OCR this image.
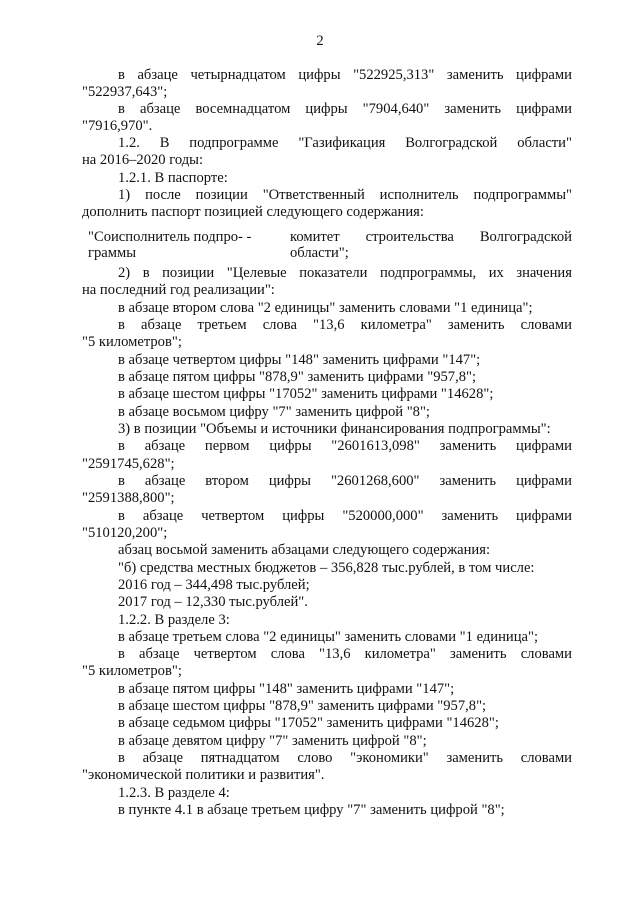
2
в абзаце четырнадцатом цифры "522925,313" заменить цифрами
"522937,643";
в абзаце восемнадцатом цифры "7904,640" заменить цифрами
"7916,970".
1.2. В подпрограмме "Газификация Волгоградской области"
на 2016–2020 годы:
1.2.1. В паспорте:
1) после позиции "Ответственный исполнитель подпрограммы"
дополнить паспорт позицией следующего содержания:
2) в позиции "Целевые показатели подпрограммы, их значения
на последний год реализации":
в абзаце втором слова "2 единицы" заменить словами "1 единица";
в абзаце третьем слова "13,6 километра" заменить словами
"5 километров";
в абзаце четвертом цифры "148" заменить цифрами "147";
в абзаце пятом цифры "878,9" заменить цифрами "957,8";
в абзаце шестом цифры "17052" заменить цифрами "14628";
в абзаце восьмом цифру "7" заменить цифрой "8";
3) в позиции "Объемы и источники финансирования подпрограммы":
в абзаце первом цифры "2601613,098" заменить цифрами
"2591745,628";
в абзаце втором цифры "2601268,600" заменить цифрами
"2591388,800";
в абзаце четвертом цифры "520000,000" заменить цифрами
"510120,200";
абзац восьмой заменить абзацами следующего содержания:
"б) средства местных бюджетов – 356,828 тыс.рублей, в том числе:
2016 год – 344,498 тыс.рублей;
2017 год – 12,330 тыс.рублей".
1.2.2. В разделе 3:
в абзаце третьем слова "2 единицы" заменить словами "1 единица";
в абзаце четвертом слова "13,6 километра" заменить словами
"5 километров";
в абзаце пятом цифры "148" заменить цифрами "147";
в абзаце шестом цифры "878,9" заменить цифрами "957,8";
в абзаце седьмом цифры "17052" заменить цифрами "14628";
в абзаце девятом цифру "7" заменить цифрой "8";
в абзаце пятнадцатом слово "экономики" заменить словами
"экономической политики и развития".
1.2.3. В разделе 4:
в пункте 4.1 в абзаце третьем цифру "7" заменить цифрой "8";
"Соисполнитель подпро- -
граммы
комитет строительства Волгоградской
области";
